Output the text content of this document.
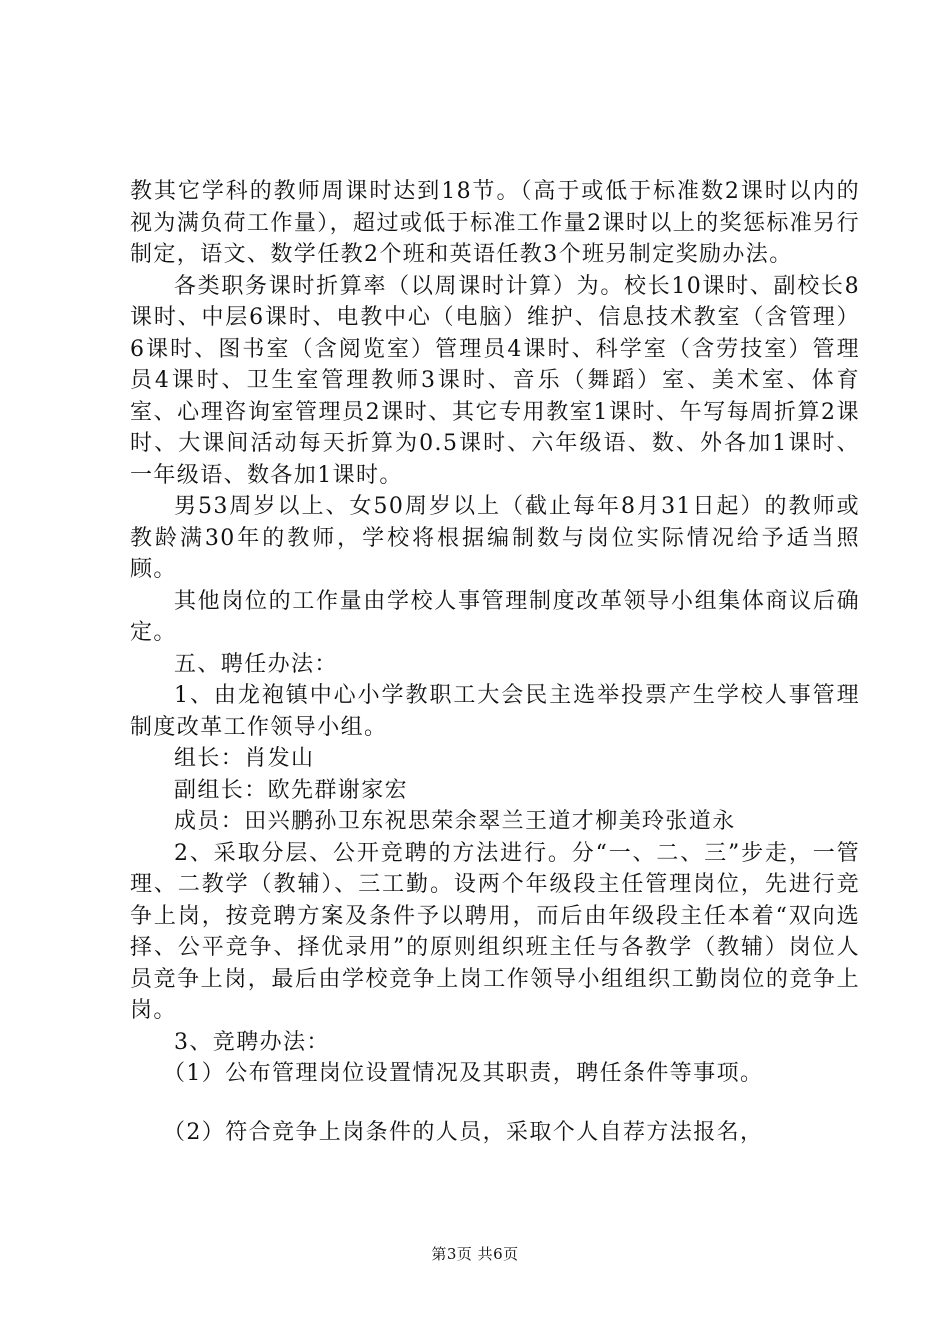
教其它学科的教师周课时达到18节。（高于或低于标准数2课时以内的视为满负荷工作量），超过或低于标准工作量2课时以上的奖惩标准另行制定，语文、数学任教2个班和英语任教3个班另制定奖励办法。

各类职务课时折算率（以周课时计算）为。校长10课时、副校长8课时、中层6课时、电教中心（电脑）维护、信息技术教室（含管理）6课时、图书室（含阅览室）管理员4课时、科学室（含劳技室）管理员4课时、卫生室管理教师3课时、音乐（舞蹈）室、美术室、体育室、心理咨询室管理员2课时、其它专用教室1课时、午写每周折算2课时、大课间活动每天折算为0.5课时、六年级语、数、外各加1课时、一年级语、数各加1课时。

男53周岁以上、女50周岁以上（截止每年8月31日起）的教师或教龄满30年的教师，学校将根据编制数与岗位实际情况给予适当照顾。

其他岗位的工作量由学校人事管理制度改革领导小组集体商议后确定。

五、聘任办法：

1、由龙袍镇中心小学教职工大会民主选举投票产生学校人事管理制度改革工作领导小组。

组长：肖发山

副组长：欧先群谢家宏

成员：田兴鹏孙卫东祝思荣余翠兰王道才柳美玲张道永

2、采取分层、公开竞聘的方法进行。分“一、二、三”步走，一管理、二教学（教辅）、三工勤。设两个年级段主任管理岗位，先进行竞争上岗，按竞聘方案及条件予以聘用，而后由年级段主任本着“双向选择、公平竞争、择优录用”的原则组织班主任与各教学（教辅）岗位人员竞争上岗，最后由学校竞争上岗工作领导小组组织工勤岗位的竞争上岗。

3、竞聘办法：

（1）公布管理岗位设置情况及其职责，聘任条件等事项。

（2）符合竞争上岗条件的人员，采取个人自荐方法报名，

第3页 共6页
